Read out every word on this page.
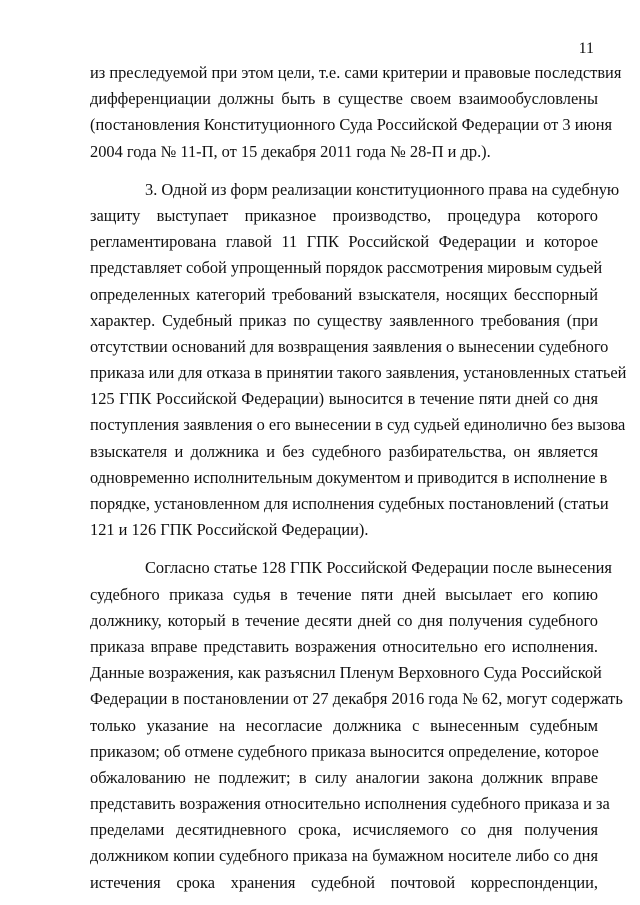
11
из преследуемой при этом цели, т.е. сами критерии и правовые последствия
дифференциации должны быть в существе своем взаимообусловлены
(постановления Конституционного Суда Российской Федерации от 3 июня
2004 года № 11-П, от 15 декабря 2011 года № 28-П и др.).
3. Одной из форм реализации конституционного права на судебную
защиту выступает приказное производство, процедура которого
регламентирована главой 11 ГПК Российской Федерации и которое
представляет собой упрощенный порядок рассмотрения мировым судьей
определенных категорий требований взыскателя, носящих бесспорный
характер. Судебный приказ по существу заявленного требования (при
отсутствии оснований для возвращения заявления о вынесении судебного
приказа или для отказа в принятии такого заявления, установленных статьей
125 ГПК Российской Федерации) выносится в течение пяти дней со дня
поступления заявления о его вынесении в суд судьей единолично без вызова
взыскателя и должника и без судебного разбирательства, он является
одновременно исполнительным документом и приводится в исполнение в
порядке, установленном для исполнения судебных постановлений (статьи
121 и 126 ГПК Российской Федерации).
Согласно статье 128 ГПК Российской Федерации после вынесения
судебного приказа судья в течение пяти дней высылает его копию
должнику, который в течение десяти дней со дня получения судебного
приказа вправе представить возражения относительно его исполнения.
Данные возражения, как разъяснил Пленум Верховного Суда Российской
Федерации в постановлении от 27 декабря 2016 года № 62, могут содержать
только указание на несогласие должника с вынесенным судебным
приказом; об отмене судебного приказа выносится определение, которое
обжалованию не подлежит; в силу аналогии закона должник вправе
представить возражения относительно исполнения судебного приказа и за
пределами десятидневного срока, исчисляемого со дня получения
должником копии судебного приказа на бумажном носителе либо со дня
истечения срока хранения судебной почтовой корреспонденции,
